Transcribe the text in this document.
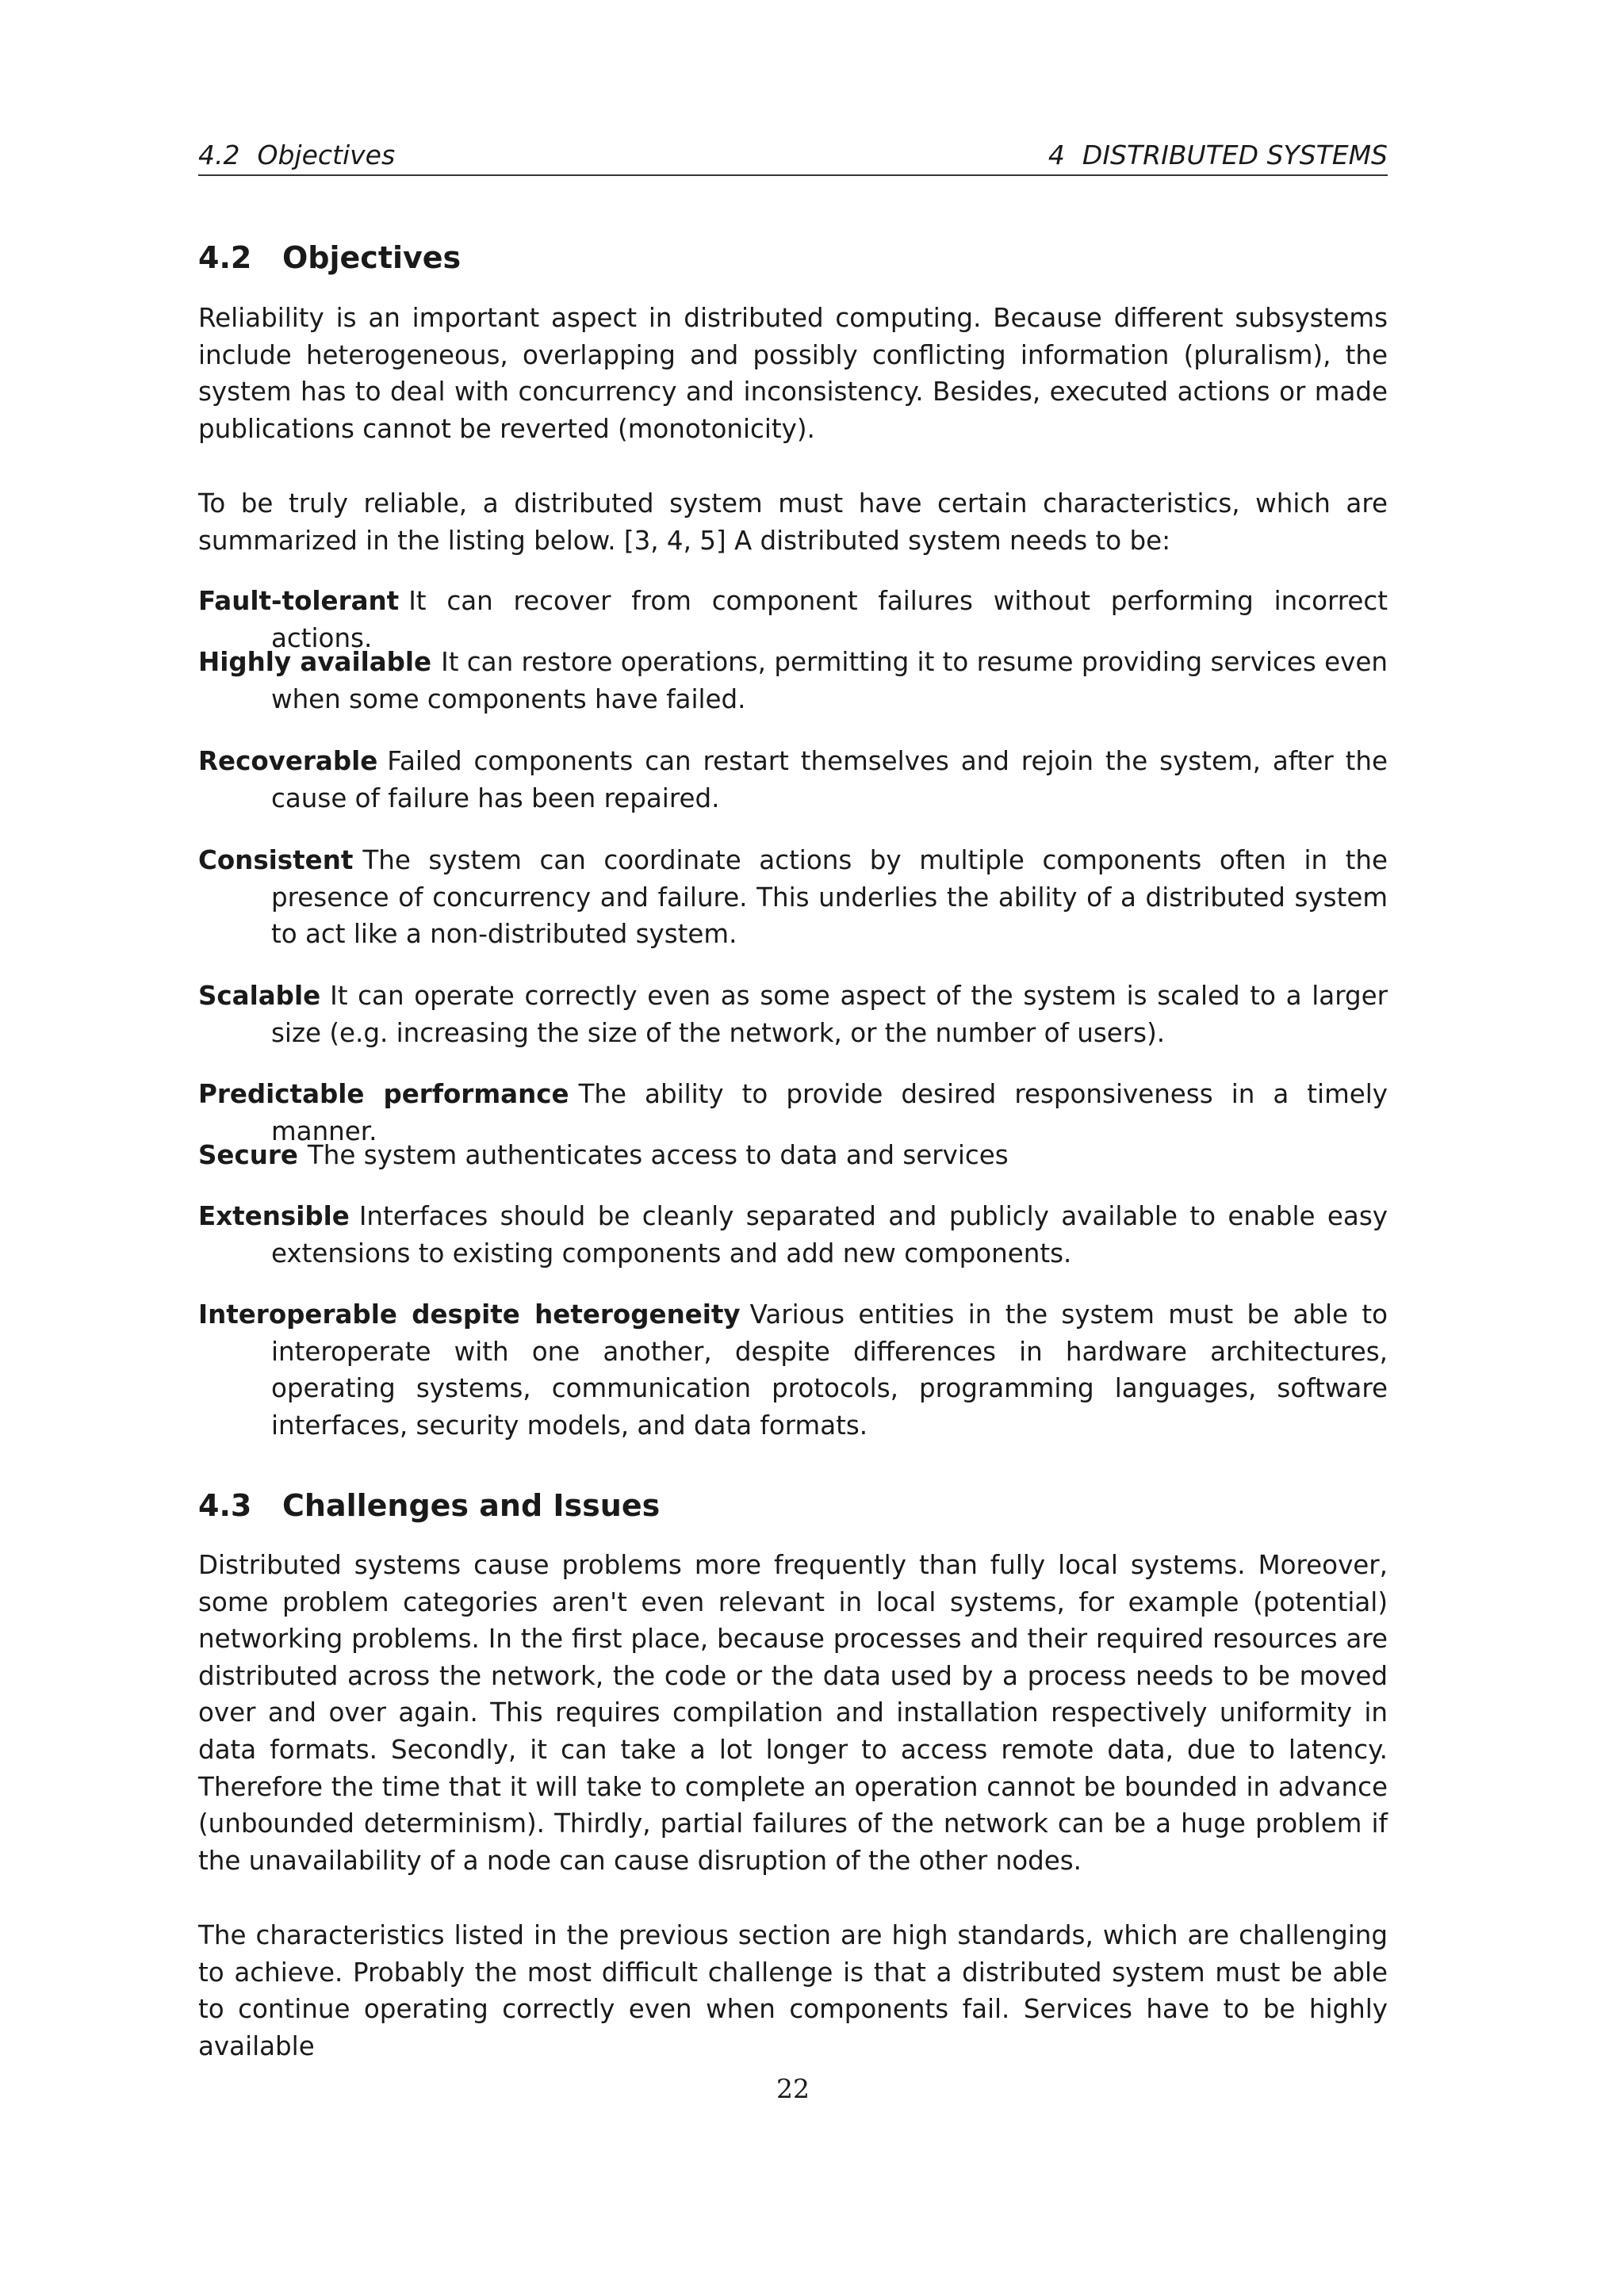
4.2 Objectives	4 DISTRIBUTED SYSTEMS
4.2 Objectives

Reliability is an important aspect in distributed computing. Because different subsystems include heterogeneous, overlapping and possibly conflicting information (pluralism), the system has to deal with concurrency and inconsistency. Besides, executed actions or made publications cannot be reverted (monotonicity).

To be truly reliable, a distributed system must have certain characteristics, which are summarized in the listing below. [3, 4, 5] A distributed system needs to be:

Fault-tolerant It can recover from component failures without performing incorrect actions.
Highly available It can restore operations, permitting it to resume providing services even when some components have failed.
Recoverable Failed components can restart themselves and rejoin the system, after the cause of failure has been repaired.
Consistent The system can coordinate actions by multiple components often in the presence of concurrency and failure. This underlies the ability of a distributed system to act like a non-distributed system.
Scalable It can operate correctly even as some aspect of the system is scaled to a larger size (e.g. increasing the size of the network, or the number of users).
Predictable performance The ability to provide desired responsiveness in a timely manner.
Secure The system authenticates access to data and services
Extensible Interfaces should be cleanly separated and publicly available to enable easy extensions to existing components and add new components.
Interoperable despite heterogeneity Various entities in the system must be able to interoperate with one another, despite differences in hardware architectures, operating systems, communication protocols, programming languages, software interfaces, security models, and data formats.
4.3 Challenges and Issues

Distributed systems cause problems more frequently than fully local systems. Moreover, some problem categories aren't even relevant in local systems, for example (potential) networking problems. In the first place, because processes and their required resources are distributed across the network, the code or the data used by a process needs to be moved over and over again. This requires compilation and installation respectively uniformity in data formats. Secondly, it can take a lot longer to access remote data, due to latency. Therefore the time that it will take to complete an operation cannot be bounded in advance (unbounded determinism). Thirdly, partial failures of the network can be a huge problem if the unavailability of a node can cause disruption of the other nodes.

The characteristics listed in the previous section are high standards, which are challenging to achieve. Probably the most difficult challenge is that a distributed system must be able to continue operating correctly even when components fail. Services have to be highly available

22
